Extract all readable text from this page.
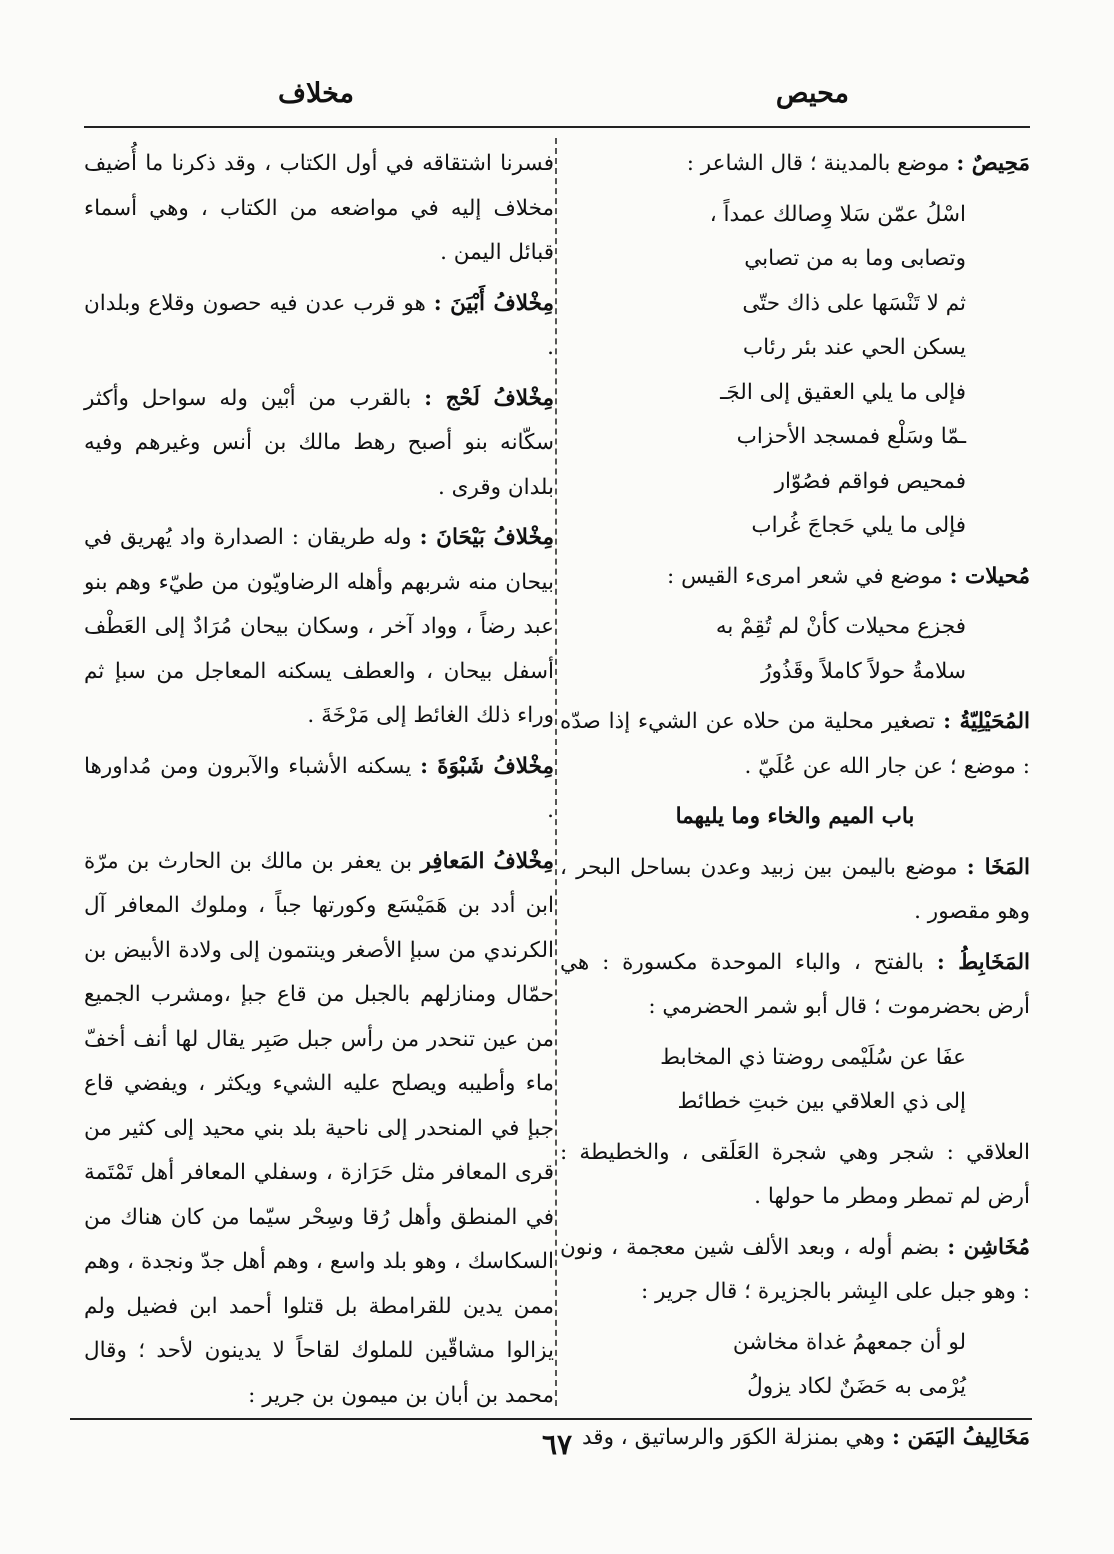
محيص
مخلاف

مَحِيصٌ : موضع بالمدينة ؛ قال الشاعر :

اسْلُ عمّن سَلا وِصالك عمداً ،
وتصابى وما به من تصابي
ثم لا تَنْسَها على ذاك حتّى
يسكن الحي عند بئر رئاب
فإلى ما يلي العقيق إلى الجَـ
ـمّا وسَلْع فمسجد الأحزاب
فمحيص فواقم فصُوّار
فإلى ما يلي حَجاجَ غُراب

مُحيلات : موضع في شعر امرىء القيس :

فجزع محيلات كأنْ لم تُقِمْ به
سلامةُ حولاً كاملاً وقَذُورُ

المُحَيْلِيّةُ : تصغير محلية من حلاه عن الشيء إذا صدّه : موضع ؛ عن جار الله عن عُلَيّ .

باب الميم والخاء وما يليهما

المَخَا : موضع باليمن بين زبيد وعدن بساحل البحر ، وهو مقصور .

المَخَابِطُ : بالفتح ، والباء الموحدة مكسورة : هي أرض بحضرموت ؛ قال أبو شمر الحضرمي :

عفَا عن سُلَيْمى روضتا ذي المخابط
إلى ذي العلاقي بين خبتِ خطائط

العلاقي : شجر وهي شجرة العَلَقى ، والخطيطة : أرض لم تمطر ومطر ما حولها .

مُخَاشِن : بضم أوله ، وبعد الألف شين معجمة ، ونون : وهو جبل على البِشر بالجزيرة ؛ قال جرير :

لو أن جمعهمُ غداة مخاشن
يُرْمى به حَضَنٌ لكاد يزولُ

مَخَالِيفُ اليَمَن : وهي بمنزلة الكوَر والرساتيق ، وقد

فسرنا اشتقاقه في أول الكتاب ، وقد ذكرنا ما أُضيف مخلاف إليه في مواضعه من الكتاب ، وهي أسماء قبائل اليمن .

مِخْلافُ أَبْيَنَ : هو قرب عدن فيه حصون وقلاع وبلدان .

مِخْلافُ لَحْج : بالقرب من أبْين وله سواحل وأكثر سكّانه بنو أصبح رهط مالك بن أنس وغيرهم وفيه بلدان وقرى .

مِخْلافُ بَيْحَانَ : وله طريقان : الصدارة واد يُهريق في بيحان منه شربهم وأهله الرضاويّون من طيّء وهم بنو عبد رضاً ، وواد آخر ، وسكان بيحان مُرَادٌ إلى العَطْف أسفل بيحان ، والعطف يسكنه المعاجل من سبإ ثم وراء ذلك الغائط إلى مَرْخَةَ .

مِخْلافُ شَبْوَةَ : يسكنه الأشباء والآبرون ومن مُداورها .

مِخْلافُ المَعافِر بن يعفر بن مالك بن الحارث بن مرّة ابن أدد بن هَمَيْسَع وكورتها جباً ، وملوك المعافر آل الكرندي من سبإ الأصغر وينتمون إلى ولادة الأبيض بن حمّال ومنازلهم بالجبل من قاع جبإ ،ومشرب الجميع من عين تنحدر من رأس جبل صَبِر يقال لها أنف أخفّ ماء وأطيبه ويصلح عليه الشيء ويكثر ، ويفضي قاع جبإ في المنحدر إلى ناحية بلد بني محيد إلى كثير من قرى المعافر مثل حَرَازة ، وسفلي المعافر أهل تَمْتَمة في المنطق وأهل رُقا وسِحْر سيّما من كان هناك من السكاسك ، وهو بلد واسع ، وهم أهل جدّ ونجدة ، وهم ممن يدين للقرامطة بل قتلوا أحمد ابن فضيل ولم يزالوا مشاقّين للملوك لقاحاً لا يدينون لأحد ؛ وقال محمد بن أبان بن ميمون بن جرير :

٦٧
